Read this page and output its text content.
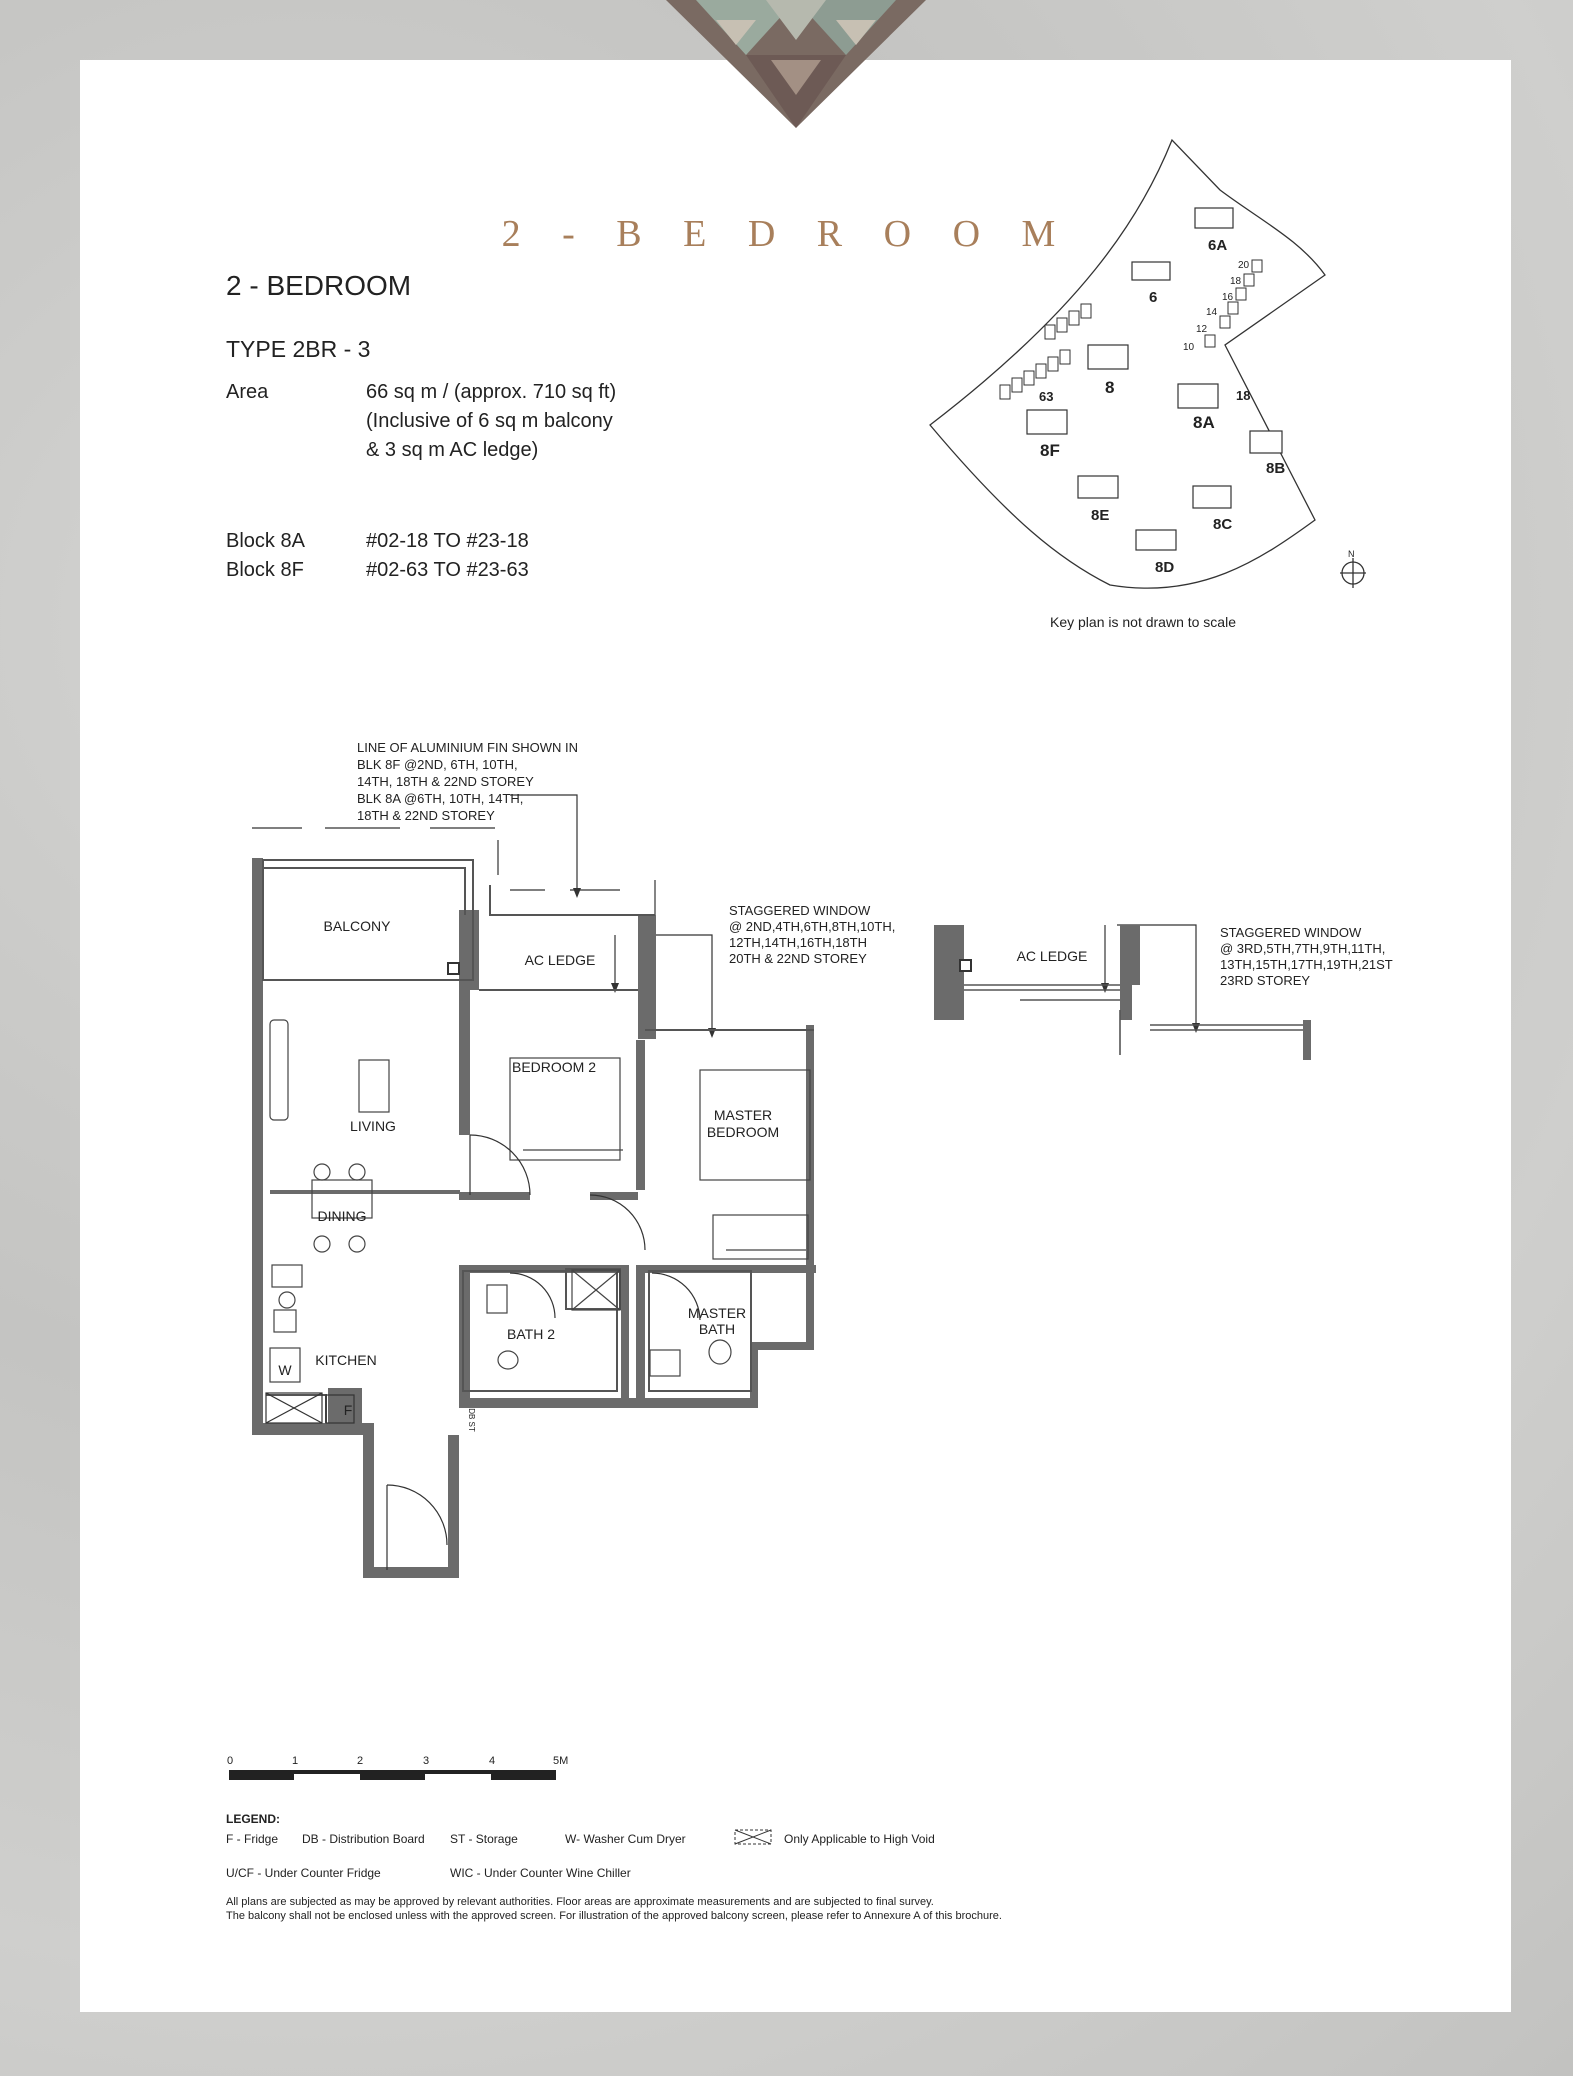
2 - B E D R O O M
2 - BEDROOM
TYPE 2BR - 3
Area	66 sq m / (approx. 710 sq ft)
(Inclusive of 6 sq m balcony
& 3 sq m AC ledge)
Block 8A	#02-18 TO #23-18
Block 8F	#02-63 TO #23-63
6A
6
8
8A
8F
8B
8E
8C
8D
63	18
20
18
16
14
12
10
N
LINE OF ALUMINIUM FIN SHOWN IN
BLK 8F @2ND, 6TH, 10TH,
14TH, 18TH & 22ND STOREY
BLK 8A @6TH, 10TH, 14TH,
18TH & 22ND STOREY
STAGGERED WINDOW
@ 2ND,4TH,6TH,8TH,10TH,
12TH,14TH,16TH,18TH
20TH & 22ND STOREY
STAGGERED WINDOW
@ 3RD,5TH,7TH,9TH,11TH,
13TH,15TH,17TH,19TH,21ST
23RD STOREY
BALCONY
AC LEDGE	AC LEDGE
BEDROOM 2
MASTER
BEDROOM
LIVING
DINING
KITCHEN
BATH 2
MASTER
BATH
W
F	DB ST
0	1	2	3	4	5M
Key plan is not drawn to scale
LEGEND:
F - Fridge DB - Distribution Board ST - Storage	W- Washer Cum Dryer	Only Applicable to High Void
U/CF - Under Counter Fridge	WIC - Under Counter Wine Chiller
All plans are subjected as may be approved by relevant authorities. Floor areas are approximate measurements and are subjected to final survey.
The balcony shall not be enclosed unless with the approved screen. For illustration of the approved balcony screen, please refer to Annexure A of this brochure.
